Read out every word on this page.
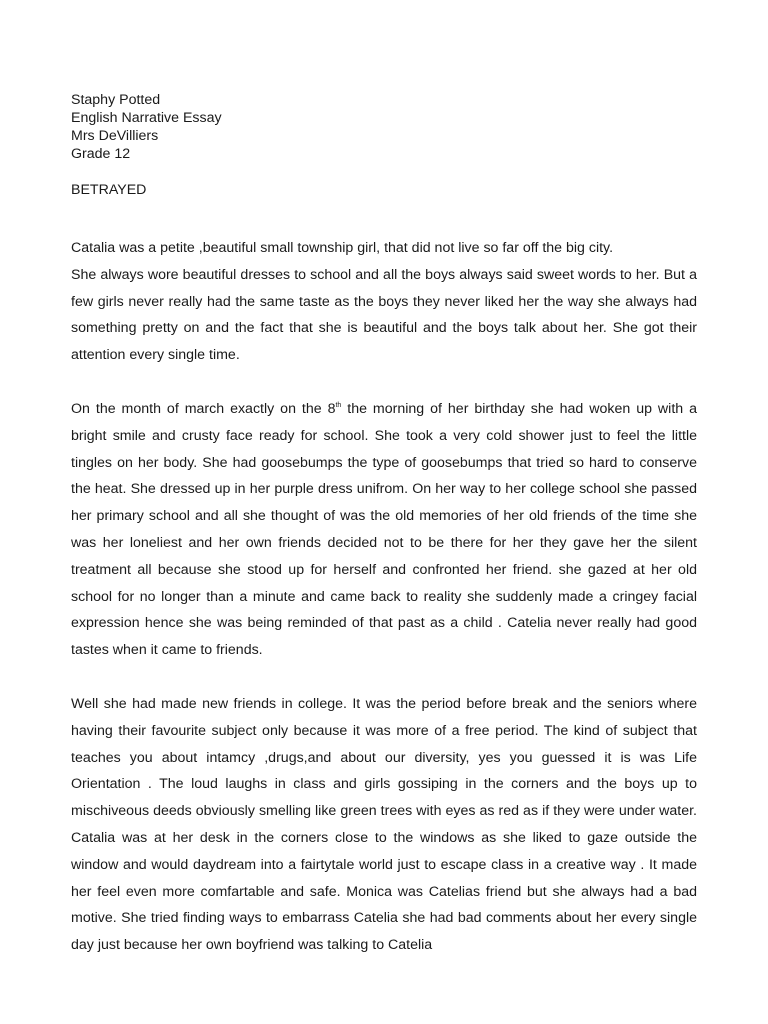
Staphy Potted
English Narrative Essay
Mrs DeVilliers
Grade 12
BETRAYED
Catalia was a petite ,beautiful small township girl, that did not live so far off the big city.
She always wore beautiful dresses to school and all the boys always said sweet words to her. But a few girls never really had the same taste as the boys they never liked her the way she always had something pretty on and the fact that she is beautiful and the boys talk about her. She got their attention every single time.

On the month of march exactly on the 8th the morning of her birthday she had woken up with a bright smile and crusty face ready for school. She took a very cold shower just to feel the little tingles on her body. She had goosebumps the type of goosebumps that tried so hard to conserve the heat. She dressed up in her purple dress unifrom. On her way to her college school she passed her primary school and all she thought of was the old memories of her old friends of the time she was her loneliest and her own friends decided not to be there for her they gave her the silent treatment all because she stood up for herself and confronted her friend. she gazed at her old school for no longer than a minute and came back to reality she suddenly made a cringey facial expression hence she was being reminded of that past as a child . Catelia never really had good tastes when it came to friends.

Well she had made new friends in college. It was the period before break and the seniors where having their favourite subject only because it was more of a free period. The kind of subject that teaches you about intamcy ,drugs,and about our diversity, yes you guessed it is was Life Orientation . The loud laughs in class and girls gossiping in the corners and the boys up to mischiveous deeds obviously smelling like green trees with eyes as red as if they were under water. Catalia was at her desk in the corners close to the windows as she liked to gaze outside the window and would daydream into a fairtytale world just to escape class in a creative way . It made her feel even more comfartable and safe. Monica was Catelias friend but she always had a bad motive. She tried finding ways to embarrass Catelia she had bad comments about her every single day just because her own boyfriend was talking to Catelia
